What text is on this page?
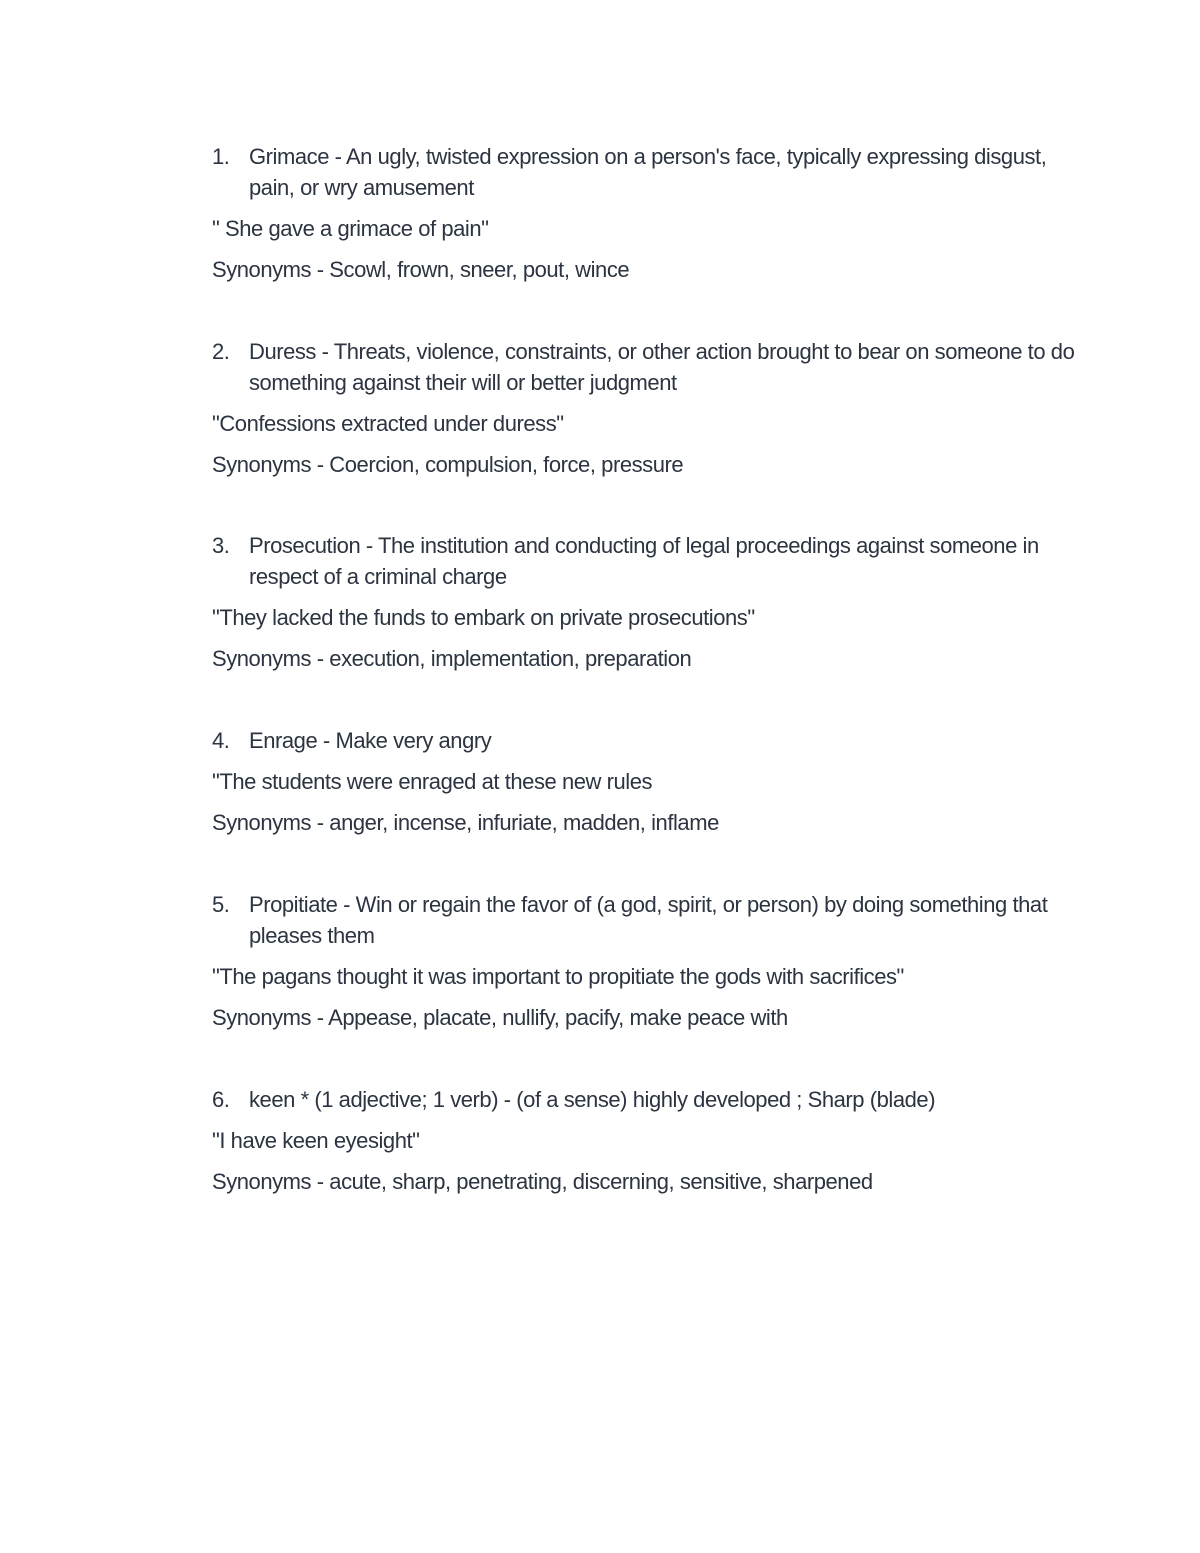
1. Grimace - An ugly, twisted expression on a person's face, typically expressing disgust, pain, or wry amusement

" She gave a grimace of pain"

Synonyms - Scowl, frown, sneer, pout, wince

2. Duress - Threats, violence, constraints, or other action brought to bear on someone to do something against their will or better judgment

"Confessions extracted under duress"

Synonyms - Coercion, compulsion, force, pressure

3. Prosecution - The institution and conducting of legal proceedings against someone in respect of a criminal charge

"They lacked the funds to embark on private prosecutions"

Synonyms - execution, implementation, preparation

4. Enrage - Make very angry

"The students were enraged at these new rules

Synonyms - anger, incense, infuriate, madden, inflame

5. Propitiate - Win or regain the favor of (a god, spirit, or person) by doing something that pleases them

"The pagans thought it was important to propitiate the gods with sacrifices"

Synonyms - Appease, placate, nullify, pacify, make peace with

6. keen * (1 adjective; 1 verb) - (of a sense) highly developed ; Sharp (blade)

"I have keen eyesight"

Synonyms - acute, sharp, penetrating, discerning, sensitive, sharpened
